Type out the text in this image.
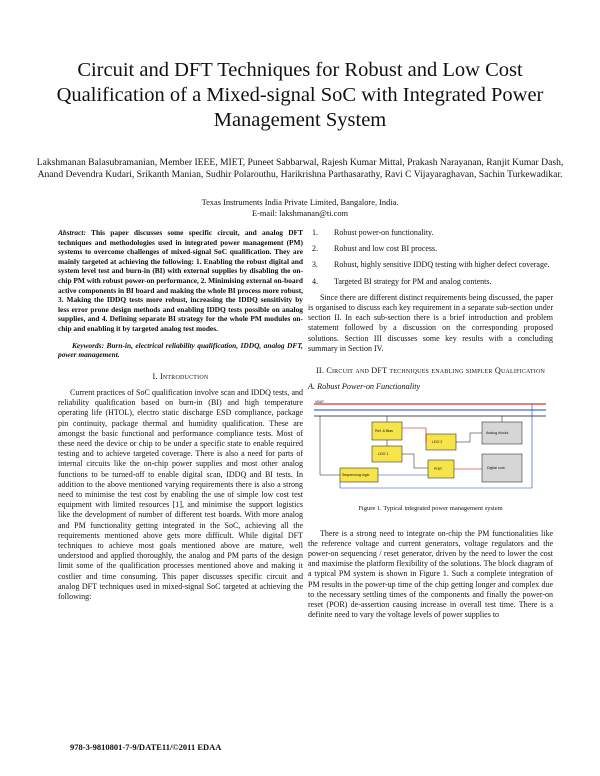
Circuit and DFT Techniques for Robust and Low Cost Qualification of a Mixed-signal SoC with Integrated Power Management System
Lakshmanan Balasubramanian, Member IEEE, MIET, Puneet Sabbarwal, Rajesh Kumar Mittal, Prakash Narayanan, Ranjit Kumar Dash, Anand Devendra Kudari, Srikanth Manian, Sudhir Polarouthu, Harikrishna Parthasarathy, Ravi C Vijayaraghavan, Sachin Turkewadikar.
Texas Instruments India Private Limited, Bangalore, India.
E-mail: lakshmanan@ti.com
Abstract: This paper discusses some specific circuit, and analog DFT techniques and methodologies used in integrated power management (PM) systems to overcome challenges of mixed-signal SoC qualification. They are mainly targeted at achieving the following: 1. Enabling the robust digital and system level test and burn-in (BI) with external supplies by disabling the on-chip PM with robust power-on performance, 2. Minimising external on-board active components in BI board and making the whole BI process more robust, 3. Making the IDDQ tests more robust, increasing the IDDQ sensitivity by less error prone design methods and enabling IDDQ tests possible on analog supplies, and 4. Defining separate BI strategy for the whole PM modules on-chip and enabling it by targeted analog test modes.
Keywords: Burn-in, electrical reliability qualification, IDDQ, analog DFT, power management.
I. Introduction

Current practices of SoC qualification involve scan and IDDQ tests, and reliability qualification based on burn-in (BI) and high temperature operating life (HTOL), electro static discharge ESD compliance, package pin continuity, package thermal and humidity qualification. These are amongst the basic functional and performance compliance tests. Most of these need the device or chip to be under a specific state to enable required testing and to achieve targeted coverage. There is also a need for parts of internal circuits like the on-chip power supplies and most other analog functions to be turned-off to enable digital scan, IDDQ and BI tests. In addition to the above mentioned varying requirements there is also a strong need to minimise the test cost by enabling the use of simple low cost test equipment with limited resources [1], and minimise the support logistics like the development of number of different test boards. With more analog and PM functionality getting integrated in the SoC, achieving all the requirements mentioned above gets more difficult. While digital DFT techniques to achieve most goals mentioned above are mature, well understood and applied thoroughly, the analog and PM parts of the design limit some of the qualification processes mentioned above and making it costlier and time consuming. This paper discusses specific circuit and analog DFT techniques used in mixed-signal SoC targeted at achieving the following:

1.	Robust power-on functionality.
2.	Robust and low cost BI process.
3.	Robust, highly sensitive IDDQ testing with higher defect coverage.
4.	Targeted BI strategy for PM and analog contents.

Since there are different distinct requirements being discussed, the paper is organised to discuss each key requirement in a separate sub-section under section II. In each sub-section there is a brief introduction and problem statement followed by a discussion on the corresponding proposed solutions. Section III discusses some key results with a concluding summary in Section IV.

II. Circuit and DFT techniques enabling simpler Qualification
A. Robust Power-on Functionality
VBAT
Ref. & Bias
LDO 1
LDO 2
Sequencing logic
POR	Digital core
Analog blocks
Figure 1. Typical integrated power management system

There is a strong need to integrate on-chip the PM functionalities like the reference voltage and current generators, voltage regulators and the power-on sequencing / reset generator, driven by the need to lower the cost and maximise the platform flexibility of the solutions. The block diagram of a typical PM system is shown in Figure 1. Such a complete integration of PM results in the power-up time of the chip getting longer and complex due to the necessary settling times of the components and finally the power-on reset (POR) de-assertion causing increase in overall test time. There is a definite need to vary the voltage levels of power supplies to

978-3-9810801-7-9/DATE11/©2011 EDAA
